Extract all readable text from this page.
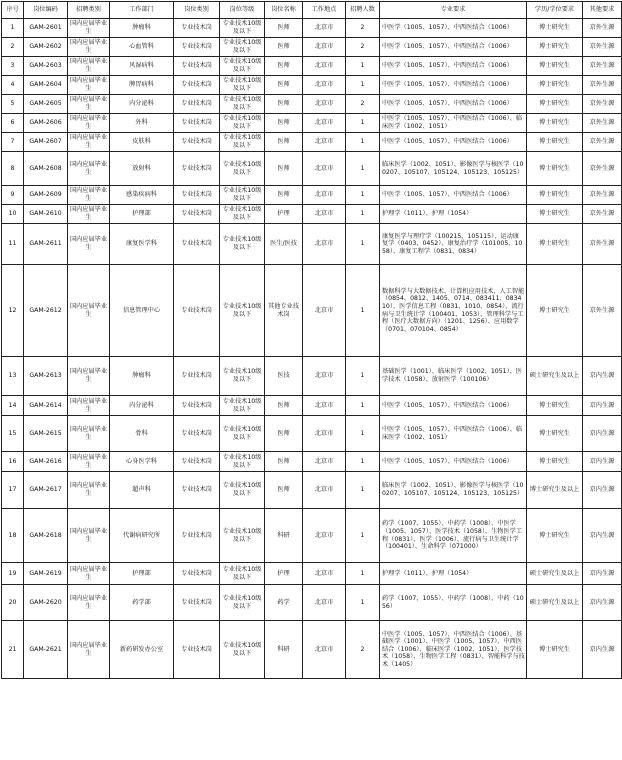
序号	岗位编码	招聘类别	工作部门	岗位类别	岗位等级	岗位名称	工作地点	招聘人数	专业要求	学历/学位要求	其他要求
1	GAM-2601	国内应届毕业生	肿瘤科	专业技术岗	专业技术10级及以下	医师	北京市	2	中医学（1005、1057）、中西医结合（1006）	博士研究生	京外生源
2	GAM-2602	国内应届毕业生	心血管科	专业技术岗	专业技术10级及以下	医师	北京市	2	中医学（1005、1057）、中西医结合（1006）	博士研究生	京外生源
3	GAM-2603	国内应届毕业生	风湿病科	专业技术岗	专业技术10级及以下	医师	北京市	1	中医学（1005、1057）、中西医结合（1006）	博士研究生	京外生源
4	GAM-2604	国内应届毕业生	脾胃病科	专业技术岗	专业技术10级及以下	医师	北京市	1	中医学（1005、1057）、中西医结合（1006）	博士研究生	京外生源
5	GAM-2605	国内应届毕业生	内分泌科	专业技术岗	专业技术10级及以下	医师	北京市	2	中医学（1005、1057）、中西医结合（1006）	博士研究生	京外生源
6	GAM-2606	国内应届毕业生	外科	专业技术岗	专业技术10级及以下	医师	北京市	1	中医学（1005、1057）、中西医结合（1006）、临床医学（1002、1051）	博士研究生	京外生源
7	GAM-2607	国内应届毕业生	皮肤科	专业技术岗	专业技术10级及以下	医师	北京市	1	中医学（1005、1057）、中西医结合（1006）	博士研究生	京外生源
8	GAM-2608	国内应届毕业生	放射科	专业技术岗	专业技术10级及以下	医师	北京市	1	临床医学（1002、1051）、影像医学与核医学（100207、105107、105124、105123、105125）	博士研究生	京外生源
9	GAM-2609	国内应届毕业生	感染疾病科	专业技术岗	专业技术10级及以下	医师	北京市	1	中医学（1005、1057）、中西医结合（1006）	博士研究生	京外生源
10	GAM-2610	国内应届毕业生	护理部	专业技术岗	专业技术10级及以下	护理	北京市	1	护理学（1011）、护理（1054）	博士研究生	京外生源
11	GAM-2611	国内应届毕业生	康复医学科	专业技术岗	专业技术10级及以下	医生/医技	北京市	1	康复医学与理疗学（100215、105115）、运动康复学（0403、0452）、康复治疗学（101005、1058）、康复工程学（0831、0834）	博士研究生	京外生源
12	GAM-2612	国内应届毕业生	信息管理中心	专业技术岗	专业技术10级及以下	其他专业技术岗	北京市	1	数据科学与大数据技术、计算机应用技术、人工智能（0854、0812、1405、0714、083411、083410）、医学信息工程（0831、1010、0854）、流行病与卫生统计学（100401、1053）、管理科学与工程（医疗大数据方向）（1201、1256）、应用数学（0701、070104、0854）	博士研究生	京外生源
13	GAM-2613	国内应届毕业生	肿瘤科	专业技术岗	专业技术10级及以下	医技	北京市	1	基础医学（1001）、临床医学（1002、1051）、医学技术（1058）、放射医学（100106）	硕士研究生及以上	京内生源
14	GAM-2614	国内应届毕业生	内分泌科	专业技术岗	专业技术10级及以下	医师	北京市	1	中医学（1005、1057）、中西医结合（1006）	博士研究生	京内生源
15	GAM-2615	国内应届毕业生	骨科	专业技术岗	专业技术10级及以下	医师	北京市	1	中医学（1005、1057）、中西医结合（1006）、临床医学（1002、1051）	博士研究生	京内生源
16	GAM-2616	国内应届毕业生	心身医学科	专业技术岗	专业技术10级及以下	医师	北京市	1	中医学（1005、1057）、中西医结合（1006）	博士研究生	京内生源
17	GAM-2617	国内应届毕业生	超声科	专业技术岗	专业技术10级及以下	医师	北京市	1	临床医学（1002、1051）、影像医学与核医学（100207、105107、105124、105123、105125）	博士研究生及以上	京内生源
18	GAM-2618	国内应届毕业生	代谢病研究所	专业技术岗	专业技术10级及以下	科研	北京市	1	药学（1007、1055）、中药学（1008）、中医学（1005、1057）、医学技术（1058）、生物医学工程（0831）、医学（1006）、流行病与卫生统计学（100401）、生命科学（071000）	博士研究生	京内生源
19	GAM-2619	国内应届毕业生	护理部	专业技术岗	专业技术10级及以下	护理	北京市	1	护理学（1011）、护理（1054）	硕士研究生及以上	京内生源
20	GAM-2620	国内应届毕业生	药学部	专业技术岗	专业技术10级及以下	药学	北京市	1	药学（1007、1055）、中药学（1008）、中药（1056）	硕士研究生及以上	京内生源
21	GAM-2621	国内应届毕业生	新药研发办公室	专业技术岗	专业技术10级及以下	科研	北京市	2	中医学（1005、1057）、中西医结合（1006）、基础医学（1001）、中医学（1005、1057）、中西医结合（1006）、临床医学（1002、1051）、医学技术（1058）、生物医学工程（0831）、智能科学与技术（1405）	博士研究生	京内生源
